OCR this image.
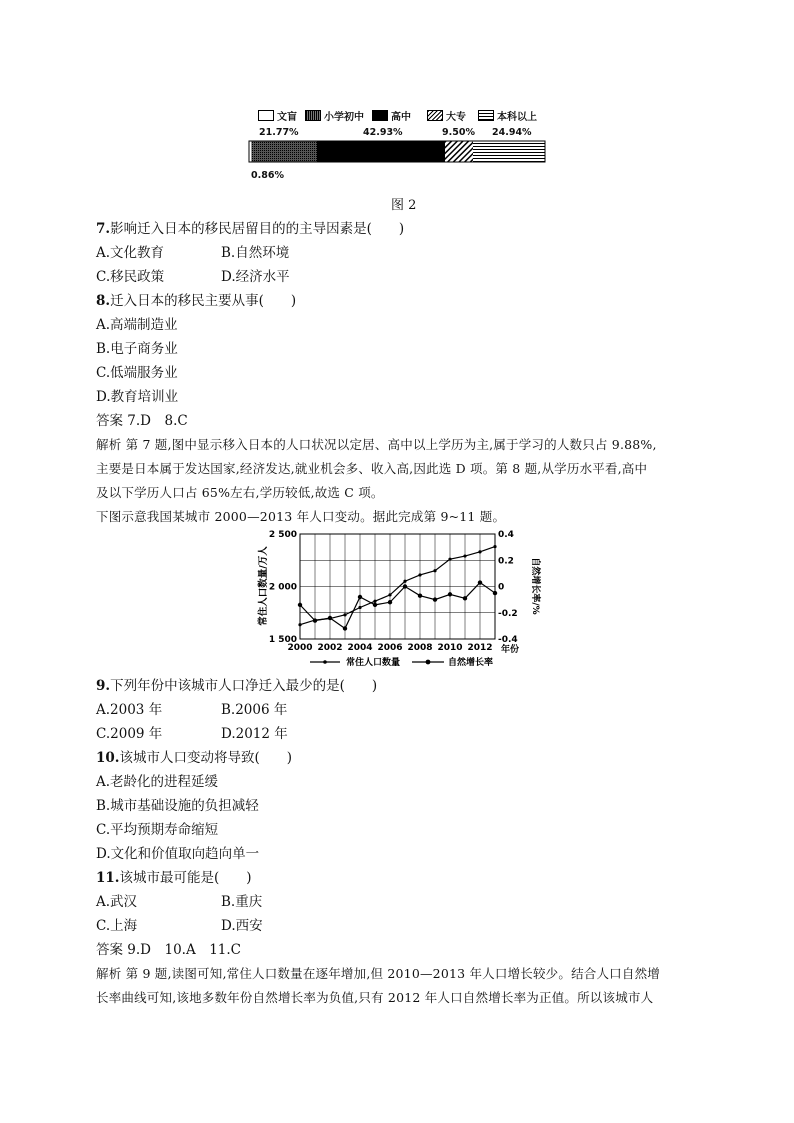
文盲	小学初中	高中	大专	本科以上
21.77%	42.93%	9.50% 24.94%
0.86%
图 2
7.影响迁入日本的移民居留目的的主导因素是(　　)
A.文化教育	B.自然环境
C.移民政策	D.经济水平
8.迁入日本的移民主要从事(　　)
A.高端制造业
B.电子商务业
C.低端服务业
D.教育培训业
答案 7.D　8.C
解析 第 7 题,图中显示移入日本的人口状况以定居、高中以上学历为主,属于学习的人数只占 9.88%,
主要是日本属于发达国家,经济发达,就业机会多、收入高,因此选 D 项。第 8 题,从学历水平看,高中
及以下学历人口占 65%左右,学历较低,故选 C 项。
下图示意我国某城市 2000—2013 年人口变动。据此完成第 9~11 题。
1 500
2 000
2 500
-0.4
-0.2
0
0.2
0.4
2000 2002 2004 2006 2008 2010 2012
常住人口数量/万人	自然增长率/%
年份
常住人口数量	自然增长率
9.下列年份中该城市人口净迁入最少的是(　　)
A.2003 年	B.2006 年
C.2009 年	D.2012 年
10.该城市人口变动将导致(　　)
A.老龄化的进程延缓
B.城市基础设施的负担减轻
C.平均预期寿命缩短
D.文化和价值取向趋向单一
11.该城市最可能是(　　)
A.武汉	B.重庆
C.上海	D.西安
答案 9.D　10.A　11.C
解析 第 9 题,读图可知,常住人口数量在逐年增加,但 2010—2013 年人口增长较少。结合人口自然增
长率曲线可知,该地多数年份自然增长率为负值,只有 2012 年人口自然增长率为正值。所以该城市人
